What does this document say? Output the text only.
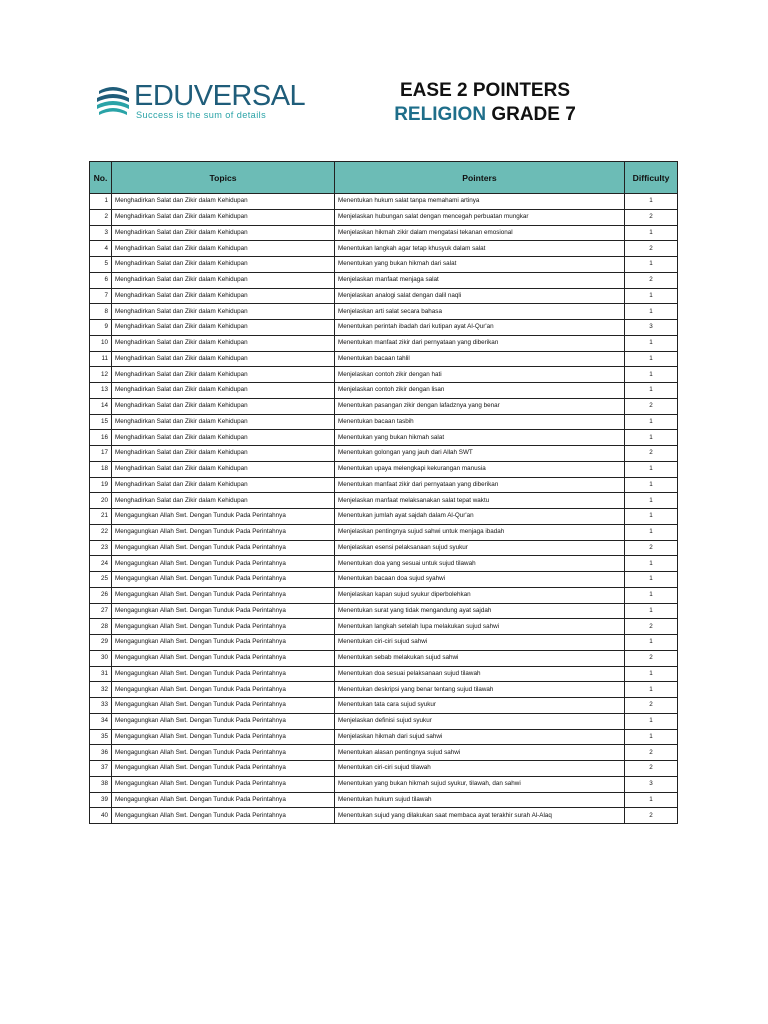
EDUVERSAL
Success is the sum of details
EASE 2 POINTERS
RELIGION GRADE 7
No.	Topics	Pointers	Difficulty
1	Menghadirkan Salat dan Zikir dalam Kehidupan	Menentukan hukum salat tanpa memahami artinya	1
2	Menghadirkan Salat dan Zikir dalam Kehidupan	Menjelaskan hubungan salat dengan mencegah perbuatan mungkar	2
3	Menghadirkan Salat dan Zikir dalam Kehidupan	Menjelaskan hikmah zikir dalam mengatasi tekanan emosional	1
4	Menghadirkan Salat dan Zikir dalam Kehidupan	Menentukan langkah agar tetap khusyuk dalam salat	2
5	Menghadirkan Salat dan Zikir dalam Kehidupan	Menentukan yang bukan hikmah dari salat	1
6	Menghadirkan Salat dan Zikir dalam Kehidupan	Menjelaskan manfaat menjaga salat	2
7	Menghadirkan Salat dan Zikir dalam Kehidupan	Menjelaskan analogi salat dengan dalil naqli	1
8	Menghadirkan Salat dan Zikir dalam Kehidupan	Menjelaskan arti salat secara bahasa	1
9	Menghadirkan Salat dan Zikir dalam Kehidupan	Menentukan perintah ibadah dari kutipan ayat Al-Qur'an	3
10	Menghadirkan Salat dan Zikir dalam Kehidupan	Menentukan manfaat zikir dari pernyataan yang diberikan	1
11	Menghadirkan Salat dan Zikir dalam Kehidupan	Menentukan bacaan tahlil	1
12	Menghadirkan Salat dan Zikir dalam Kehidupan	Menjelaskan contoh zikir dengan hati	1
13	Menghadirkan Salat dan Zikir dalam Kehidupan	Menjelaskan contoh zikir dengan lisan	1
14	Menghadirkan Salat dan Zikir dalam Kehidupan	Menentukan pasangan zikir dengan lafadznya yang benar	2
15	Menghadirkan Salat dan Zikir dalam Kehidupan	Menentukan bacaan tasbih	1
16	Menghadirkan Salat dan Zikir dalam Kehidupan	Menentukan yang bukan hikmah salat	1
17	Menghadirkan Salat dan Zikir dalam Kehidupan	Menentukan golongan yang jauh dari Allah SWT	2
18	Menghadirkan Salat dan Zikir dalam Kehidupan	Menentukan upaya melengkapi kekurangan manusia	1
19	Menghadirkan Salat dan Zikir dalam Kehidupan	Menentukan manfaat zikir dari pernyataan yang diberikan	1
20	Menghadirkan Salat dan Zikir dalam Kehidupan	Menjelaskan manfaat melaksanakan salat tepat waktu	1
21	Mengagungkan Allah Swt. Dengan Tunduk Pada Perintahnya	Menentukan jumlah ayat sajdah dalam Al-Qur'an	1
22	Mengagungkan Allah Swt. Dengan Tunduk Pada Perintahnya	Menjelaskan pentingnya sujud sahwi untuk menjaga ibadah	1
23	Mengagungkan Allah Swt. Dengan Tunduk Pada Perintahnya	Menjelaskan esensi pelaksanaan sujud syukur	2
24	Mengagungkan Allah Swt. Dengan Tunduk Pada Perintahnya	Menentukan doa yang sesuai untuk sujud tilawah	1
25	Mengagungkan Allah Swt. Dengan Tunduk Pada Perintahnya	Menentukan bacaan doa sujud syahwi	1
26	Mengagungkan Allah Swt. Dengan Tunduk Pada Perintahnya	Menjelaskan kapan sujud syukur diperbolehkan	1
27	Mengagungkan Allah Swt. Dengan Tunduk Pada Perintahnya	Menentukan surat yang tidak mengandung ayat sajdah	1
28	Mengagungkan Allah Swt. Dengan Tunduk Pada Perintahnya	Menentukan langkah setelah lupa melakukan sujud sahwi	2
29	Mengagungkan Allah Swt. Dengan Tunduk Pada Perintahnya	Menentukan ciri-ciri sujud sahwi	1
30	Mengagungkan Allah Swt. Dengan Tunduk Pada Perintahnya	Menentukan sebab melakukan sujud sahwi	2
31	Mengagungkan Allah Swt. Dengan Tunduk Pada Perintahnya	Menentukan doa sesuai pelaksanaan sujud tilawah	1
32	Mengagungkan Allah Swt. Dengan Tunduk Pada Perintahnya	Menentukan deskripsi yang benar tentang sujud tilawah	1
33	Mengagungkan Allah Swt. Dengan Tunduk Pada Perintahnya	Menentukan tata cara sujud syukur	2
34	Mengagungkan Allah Swt. Dengan Tunduk Pada Perintahnya	Menjelaskan definisi sujud syukur	1
35	Mengagungkan Allah Swt. Dengan Tunduk Pada Perintahnya	Menjelaskan hikmah dari sujud sahwi	1
36	Mengagungkan Allah Swt. Dengan Tunduk Pada Perintahnya	Menentukan alasan pentingnya sujud sahwi	2
37	Mengagungkan Allah Swt. Dengan Tunduk Pada Perintahnya	Menentukan ciri-ciri sujud tilawah	2
38	Mengagungkan Allah Swt. Dengan Tunduk Pada Perintahnya	Menentukan yang bukan hikmah sujud syukur, tilawah, dan sahwi	3
39	Mengagungkan Allah Swt. Dengan Tunduk Pada Perintahnya	Menentukan hukum sujud tilawah	1
40	Mengagungkan Allah Swt. Dengan Tunduk Pada Perintahnya	Menentukan sujud yang dilakukan saat membaca ayat terakhir surah Al-Alaq	2
